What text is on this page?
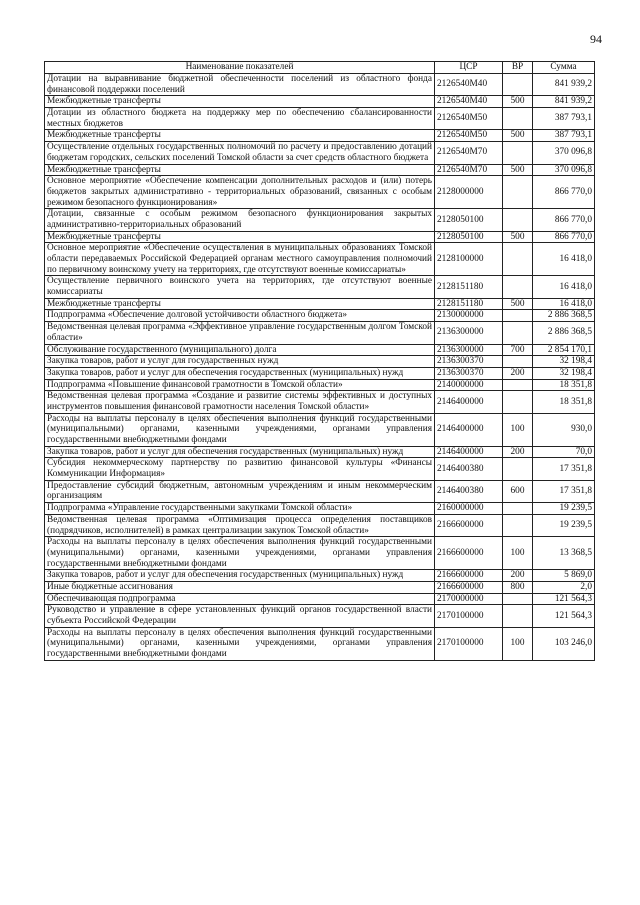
94
Наименование показателей	ЦСР	ВР	Сумма
Дотации на выравнивание бюджетной обеспеченности поселений из областного фонда финансовой поддержки поселений	2126540М40		841 939,2
Межбюджетные трансферты	2126540М40	500	841 939,2
Дотации из областного бюджета на поддержку мер по обеспечению сбалансированности местных бюджетов	2126540М50		387 793,1
Межбюджетные трансферты	2126540М50	500	387 793,1
Осуществление отдельных государственных полномочий по расчету и предоставлению дотаций бюджетам городских, сельских поселений Томской области за счет средств областного бюджета	2126540М70		370 096,8
Межбюджетные трансферты	2126540М70	500	370 096,8
Основное мероприятие «Обеспечение компенсации дополнительных расходов и (или) потерь бюджетов закрытых административно - территориальных образований, связанных с особым режимом безопасного функционирования»	2128000000		866 770,0
Дотации, связанные с особым режимом безопасного функционирования закрытых административно-территориальных образований	2128050100		866 770,0
Межбюджетные трансферты	2128050100	500	866 770,0
Основное мероприятие «Обеспечение осуществления в муниципальных образованиях Томской области передаваемых Российской Федерацией органам местного самоуправления полномочий по первичному воинскому учету на территориях, где отсутствуют военные комиссариаты»	2128100000		16 418,0
Осуществление первичного воинского учета на территориях, где отсутствуют военные комиссариаты	2128151180		16 418,0
Межбюджетные трансферты	2128151180	500	16 418,0
Подпрограмма «Обеспечение долговой устойчивости областного бюджета»	2130000000		2 886 368,5
Ведомственная целевая программа «Эффективное управление государственным долгом Томской области»	2136300000		2 886 368,5
Обслуживание государственного (муниципального) долга	2136300000	700	2 854 170,1
Закупка товаров, работ и услуг для государственных нужд	2136300370		32 198,4
Закупка товаров, работ и услуг для обеспечения государственных (муниципальных) нужд	2136300370	200	32 198,4
Подпрограмма «Повышение финансовой грамотности в Томской области»	2140000000		18 351,8
Ведомственная целевая программа «Создание и развитие системы эффективных и доступных инструментов повышения финансовой грамотности населения Томской области»	2146400000		18 351,8
Расходы на выплаты персоналу в целях обеспечения выполнения функций государственными (муниципальными) органами, казенными учреждениями, органами управления государственными внебюджетными фондами	2146400000	100	930,0
Закупка товаров, работ и услуг для обеспечения государственных (муниципальных) нужд	2146400000	200	70,0
Субсидия некоммерческому партнерству по развитию финансовой культуры «Финансы Коммуникации Информация»	2146400380		17 351,8
Предоставление субсидий бюджетным, автономным учреждениям и иным некоммерческим организациям	2146400380	600	17 351,8
Подпрограмма «Управление государственными закупками Томской области»	2160000000		19 239,5
Ведомственная целевая программа «Оптимизация процесса определения поставщиков (подрядчиков, исполнителей) в рамках централизации закупок Томской области»	2166600000		19 239,5
Расходы на выплаты персоналу в целях обеспечения выполнения функций государственными (муниципальными) органами, казенными учреждениями, органами управления государственными внебюджетными фондами	2166600000	100	13 368,5
Закупка товаров, работ и услуг для обеспечения государственных (муниципальных) нужд	2166600000	200	5 869,0
Иные бюджетные ассигнования	2166600000	800	2,0
Обеспечивающая подпрограмма	2170000000		121 564,3
Руководство и управление в сфере установленных функций органов государственной власти субъекта Российской Федерации	2170100000		121 564,3
Расходы на выплаты персоналу в целях обеспечения выполнения функций государственными (муниципальными) органами, казенными учреждениями, органами управления государственными внебюджетными фондами	2170100000	100	103 246,0
